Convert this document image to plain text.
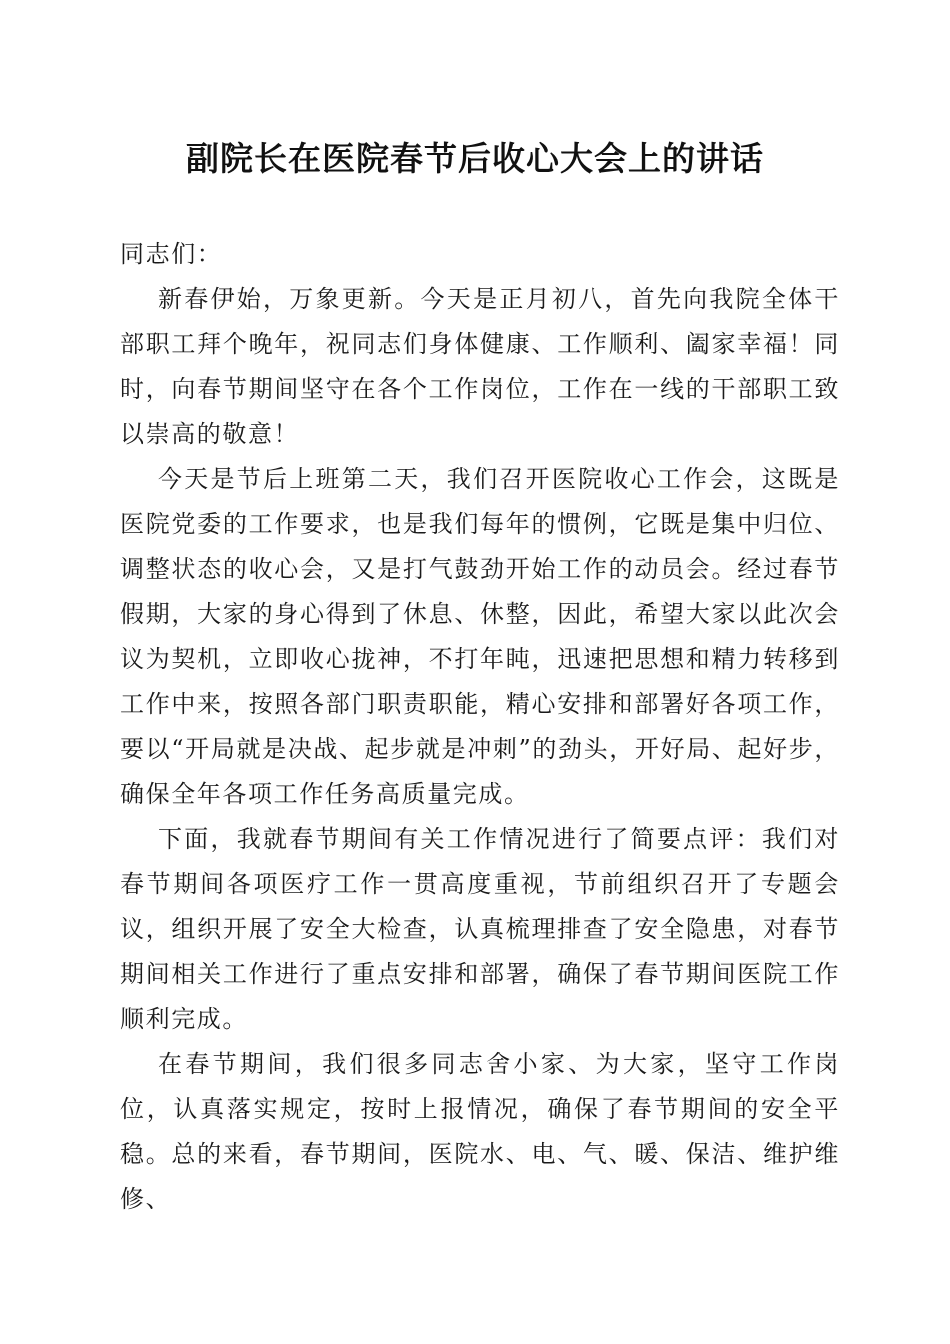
副院长在医院春节后收心大会上的讲话

同志们：

新春伊始，万象更新。今天是正月初八，首先向我院全体干部职工拜个晚年，祝同志们身体健康、工作顺利、阖家幸福！同时，向春节期间坚守在各个工作岗位，工作在一线的干部职工致以崇高的敬意！

今天是节后上班第二天，我们召开医院收心工作会，这既是医院党委的工作要求，也是我们每年的惯例，它既是集中归位、调整状态的收心会，又是打气鼓劲开始工作的动员会。经过春节假期，大家的身心得到了休息、休整，因此，希望大家以此次会议为契机，立即收心拢神，不打年盹，迅速把思想和精力转移到工作中来，按照各部门职责职能，精心安排和部署好各项工作，要以“开局就是决战、起步就是冲刺”的劲头，开好局、起好步，确保全年各项工作任务高质量完成。

下面，我就春节期间有关工作情况进行了简要点评：我们对春节期间各项医疗工作一贯高度重视，节前组织召开了专题会议，组织开展了安全大检查，认真梳理排查了安全隐患，对春节期间相关工作进行了重点安排和部署，确保了春节期间医院工作顺利完成。

在春节期间，我们很多同志舍小家、为大家，坚守工作岗位，认真落实规定，按时上报情况，确保了春节期间的安全平稳。总的来看，春节期间，医院水、电、气、暖、保洁、维护维修、
